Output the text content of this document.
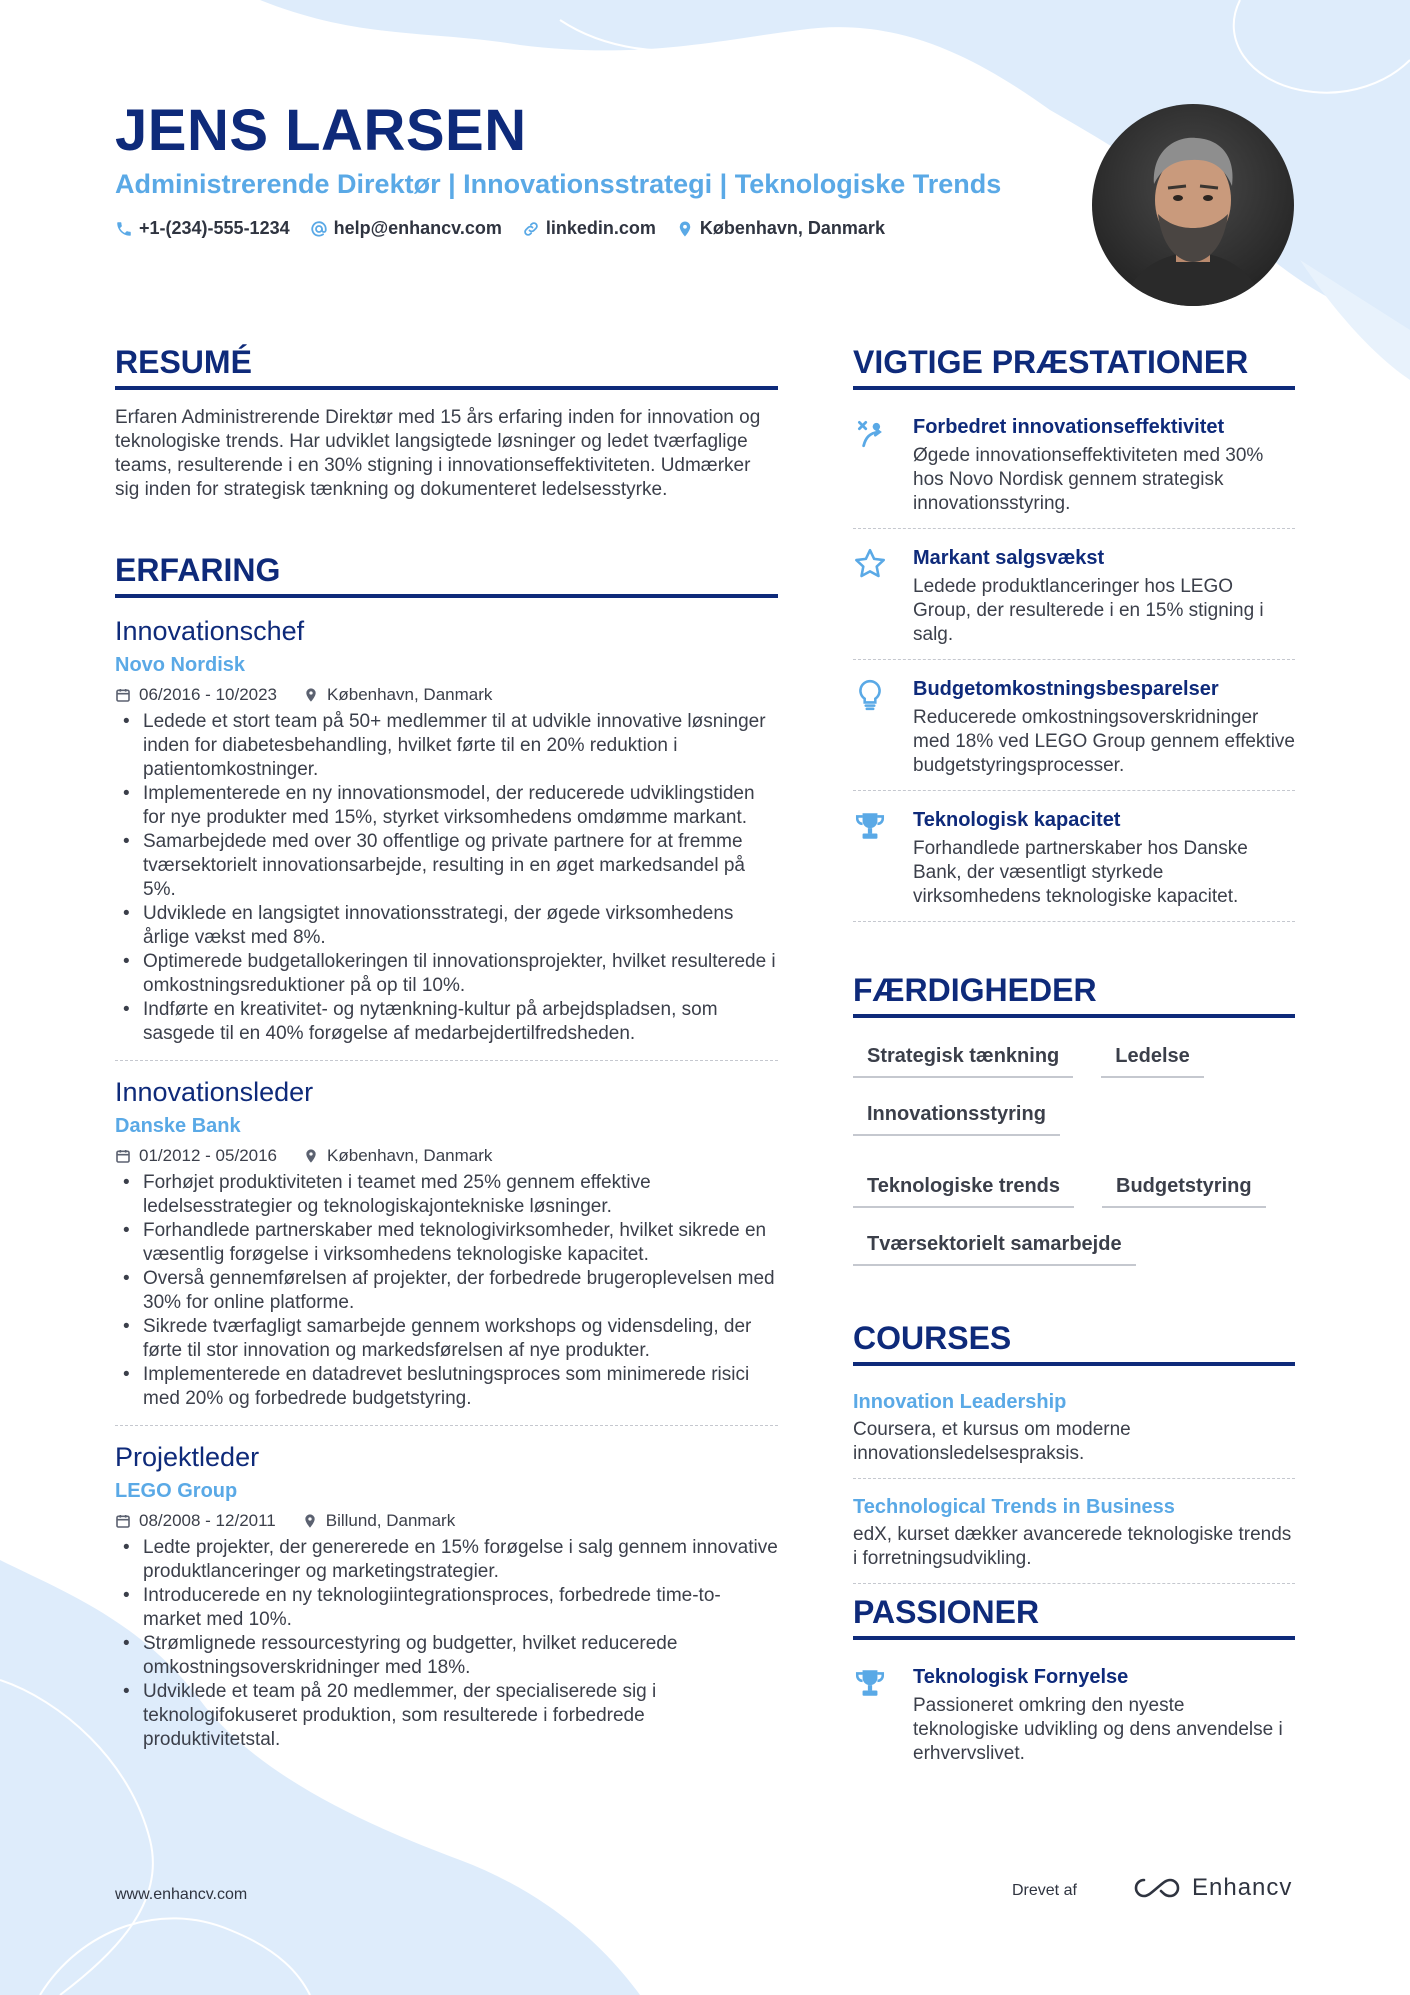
JENS LARSEN
Administrerende Direktør | Innovationsstrategi | Teknologiske Trends
+1-(234)-555-1234 help@enhancv.com linkedin.com København, Danmark
RESUMÉ

Erfaren Administrerende Direktør med 15 års erfaring inden for innovation og teknologiske trends. Har udviklet langsigtede løsninger og ledet tværfaglige teams, resulterende i en 30% stigning i innovationseffektiviteten. Udmærker sig inden for strategisk tænkning og dokumenteret ledelsesstyrke.

ERFARING

Innovationschef

Novo Nordisk

06/2016 - 10/2023	København, Danmark
• Ledede et stort team på 50+ medlemmer til at udvikle innovative løsninger inden for diabetesbehandling, hvilket førte til en 20% reduktion i patientomkostninger.
• Implementerede en ny innovationsmodel, der reducerede udviklingstiden for nye produkter med 15%, styrket virksomhedens omdømme markant.
• Samarbejdede med over 30 offentlige og private partnere for at fremme tværsektorielt innovationsarbejde, resulting in en øget markedsandel på 5%.
• Udviklede en langsigtet innovationsstrategi, der øgede virksomhedens årlige vækst med 8%.
• Optimerede budgetallokeringen til innovationsprojekter, hvilket resulterede i omkostningsreduktioner på op til 10%.
• Indførte en kreativitet- og nytænkning-kultur på arbejdspladsen, som sasgede til en 40% forøgelse af medarbejdertilfredsheden.

Innovationsleder

Danske Bank

01/2012 - 05/2016	København, Danmark
• Forhøjet produktiviteten i teamet med 25% gennem effektive ledelsesstrategier og teknologiskajontekniske løsninger.
• Forhandlede partnerskaber med teknologivirksomheder, hvilket sikrede en væsentlig forøgelse i virksomhedens teknologiske kapacitet.
• Overså gennemførelsen af projekter, der forbedrede brugeroplevelsen med 30% for online platforme.
• Sikrede tværfagligt samarbejde gennem workshops og vidensdeling, der førte til stor innovation og markedsførelsen af nye produkter.
• Implementerede en datadrevet beslutningsproces som minimerede risici med 20% og forbedrede budgetstyring.

Projektleder

LEGO Group

08/2008 - 12/2011	Billund, Danmark
• Ledte projekter, der genererede en 15% forøgelse i salg gennem innovative produktlanceringer og marketingstrategier.
• Introducerede en ny teknologiintegrationsproces, forbedrede time-to-market med 10%.
• Strømlignede ressourcestyring og budgetter, hvilket reducerede omkostningsoverskridninger med 18%.
• Udviklede et team på 20 medlemmer, der specialiserede sig i teknologifokuseret produktion, som resulterede i forbedrede produktivitetstal.
VIGTIGE PRÆSTATIONER

Forbedret innovationseffektivitet

Øgede innovationseffektiviteten med 30% hos Novo Nordisk gennem strategisk innovationsstyring.

Markant salgsvækst

Ledede produktlanceringer hos LEGO Group, der resulterede i en 15% stigning i salg.

Budgetomkostningsbesparelser

Reducerede omkostningsoverskridninger med 18% ved LEGO Group gennem effektive budgetstyringsprocesser.

Teknologisk kapacitet

Forhandlede partnerskaber hos Danske Bank, der væsentligt styrkede virksomhedens teknologiske kapacitet.

FÆRDIGHEDER
Strategisk tænkning	Ledelse
Innovationsstyring
Teknologiske trends	Budgetstyring
Tværsektorielt samarbejde
COURSES

Innovation Leadership

Coursera, et kursus om moderne innovationsledelsespraksis.

Technological Trends in Business

edX, kurset dækker avancerede teknologiske trends i forretningsudvikling.

PASSIONER

Teknologisk Fornyelse

Passioneret omkring den nyeste teknologiske udvikling og dens anvendelse i erhvervslivet.

www.enhancv.com	Drevet af	Enhancv
